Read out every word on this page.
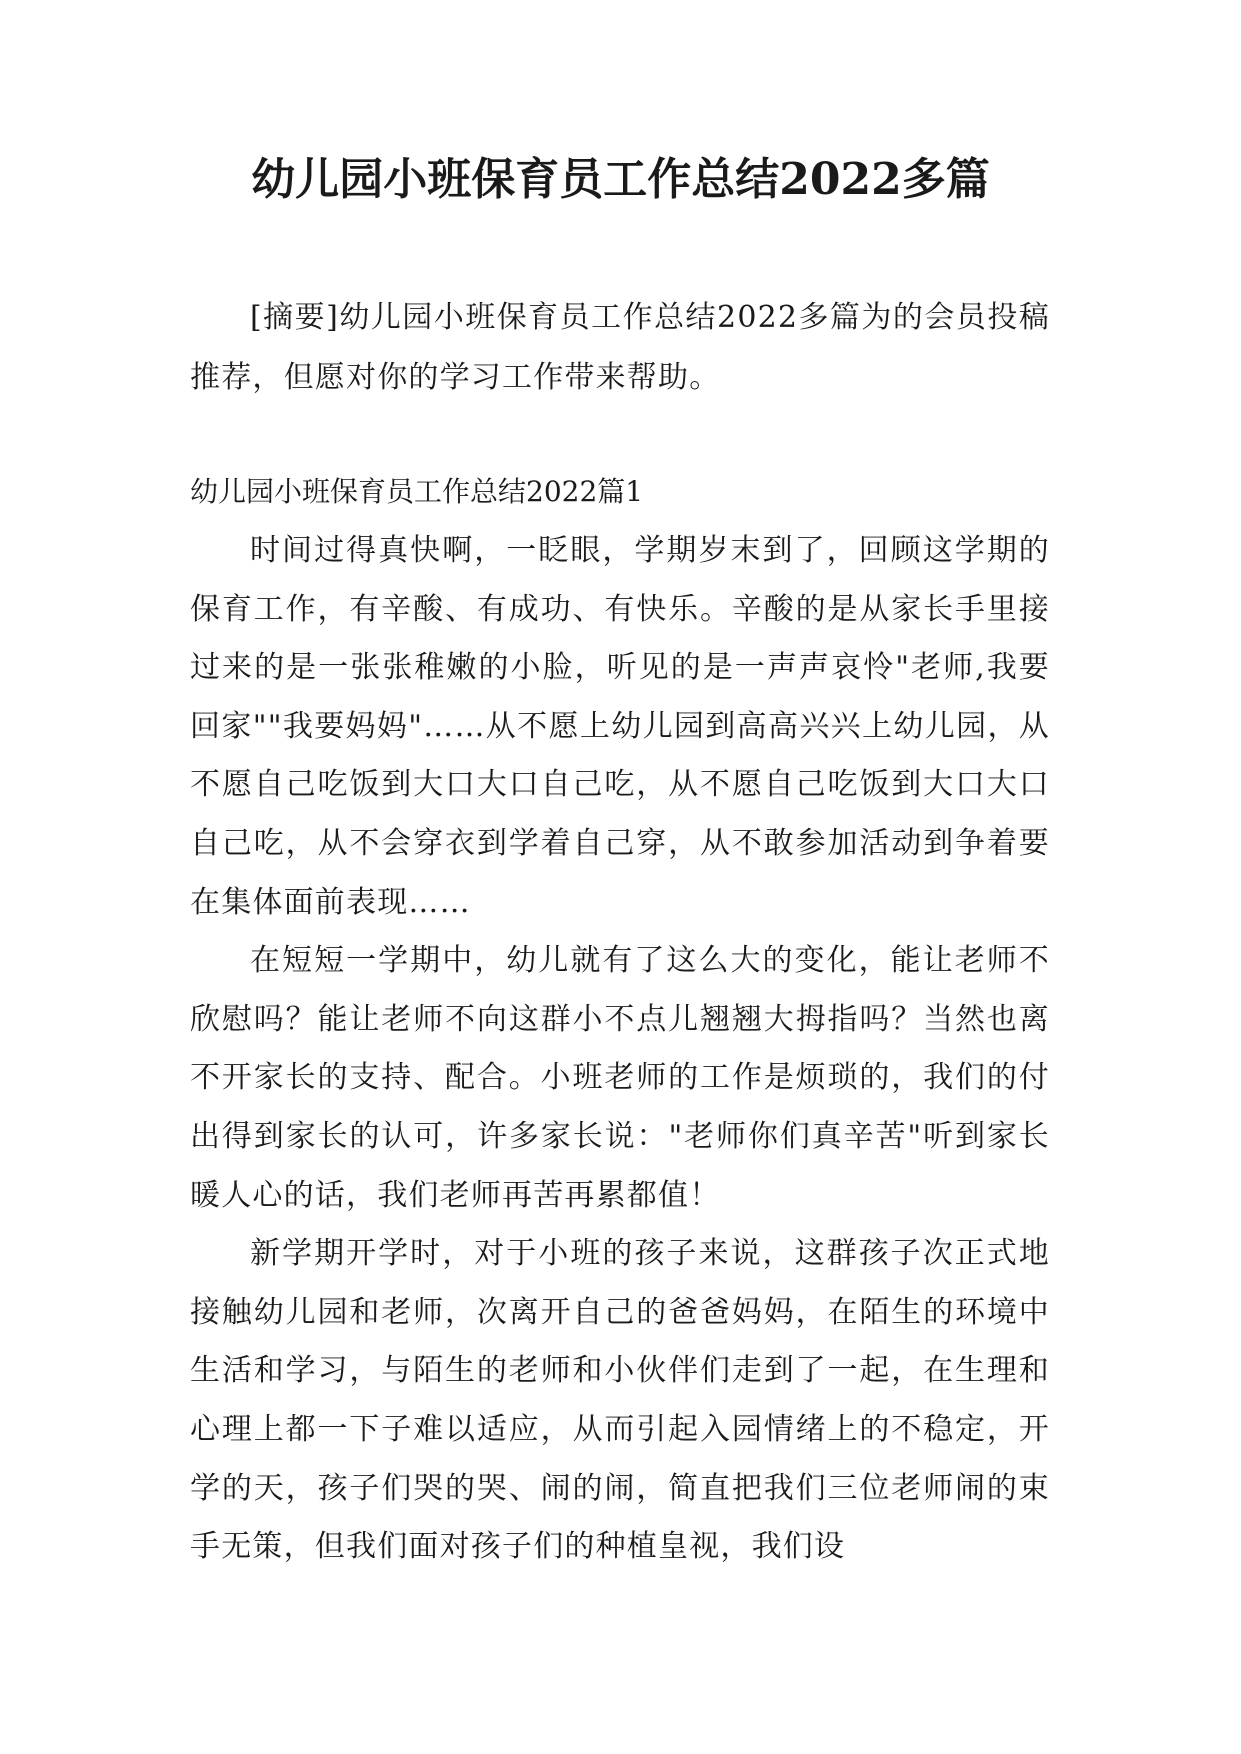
幼儿园小班保育员工作总结2022多篇

[摘要]幼儿园小班保育员工作总结2022多篇为的会员投稿推荐，但愿对你的学习工作带来帮助。

幼儿园小班保育员工作总结2022篇1

时间过得真快啊，一眨眼，学期岁末到了，回顾这学期的保育工作，有辛酸、有成功、有快乐。辛酸的是从家长手里接过来的是一张张稚嫩的小脸，听见的是一声声哀怜"老师,我要回家""我要妈妈"……从不愿上幼儿园到高高兴兴上幼儿园，从不愿自己吃饭到大口大口自己吃，从不愿自己吃饭到大口大口自己吃，从不会穿衣到学着自己穿，从不敢参加活动到争着要在集体面前表现……

在短短一学期中，幼儿就有了这么大的变化，能让老师不欣慰吗？能让老师不向这群小不点儿翘翘大拇指吗？当然也离不开家长的支持、配合。小班老师的工作是烦琐的，我们的付出得到家长的认可，许多家长说："老师你们真辛苦"听到家长暖人心的话，我们老师再苦再累都值！

新学期开学时，对于小班的孩子来说，这群孩子次正式地接触幼儿园和老师，次离开自己的爸爸妈妈，在陌生的环境中生活和学习，与陌生的老师和小伙伴们走到了一起，在生理和心理上都一下子难以适应，从而引起入园情绪上的不稳定，开学的天，孩子们哭的哭、闹的闹，简直把我们三位老师闹的束手无策，但我们面对孩子们的种植皇视，我们设
